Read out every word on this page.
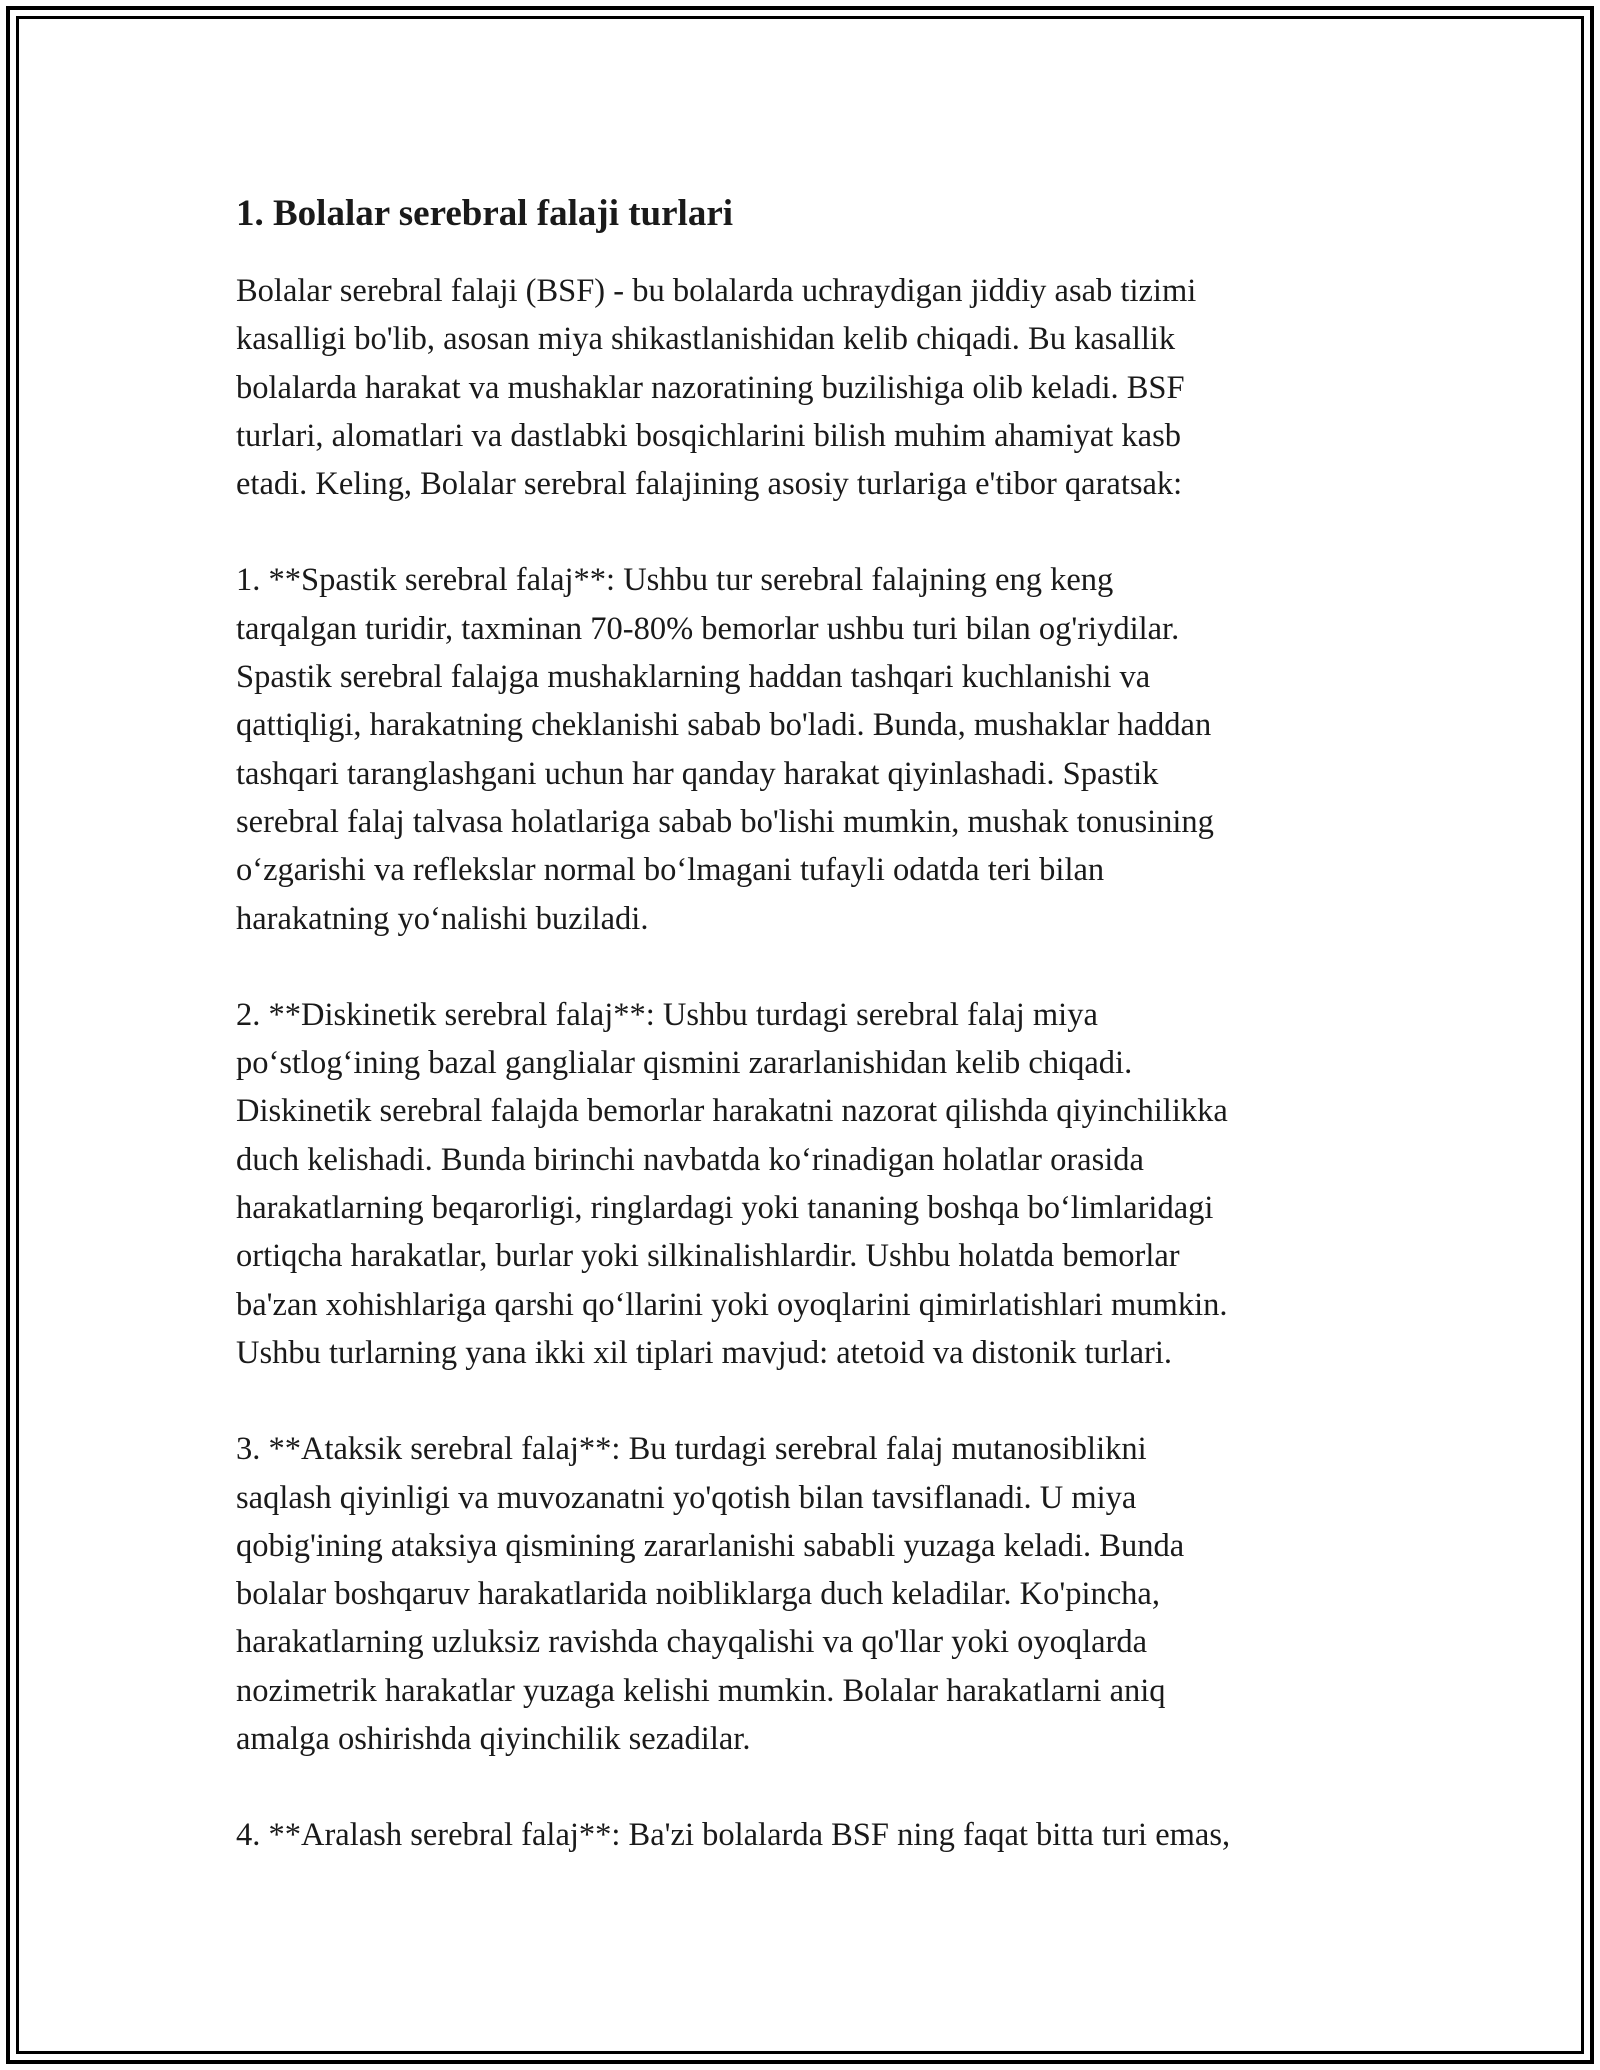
1. Bolalar serebral falaji turlari

Bolalar serebral falaji (BSF) - bu bolalarda uchraydigan jiddiy asab tizimi
kasalligi bo'lib, asosan miya shikastlanishidan kelib chiqadi. Bu kasallik
bolalarda harakat va mushaklar nazoratining buzilishiga olib keladi. BSF
turlari, alomatlari va dastlabki bosqichlarini bilish muhim ahamiyat kasb
etadi. Keling, Bolalar serebral falajining asosiy turlariga e'tibor qaratsak:

1. **Spastik serebral falaj**: Ushbu tur serebral falajning eng keng
tarqalgan turidir, taxminan 70-80% bemorlar ushbu turi bilan og'riydilar.
Spastik serebral falajga mushaklarning haddan tashqari kuchlanishi va
qattiqligi, harakatning cheklanishi sabab bo'ladi. Bunda, mushaklar haddan
tashqari taranglashgani uchun har qanday harakat qiyinlashadi. Spastik
serebral falaj talvasa holatlariga sabab bo'lishi mumkin, mushak tonusining
o‘zgarishi va reflekslar normal bo‘lmagani tufayli odatda teri bilan
harakatning yo‘nalishi buziladi.

2. **Diskinetik serebral falaj**: Ushbu turdagi serebral falaj miya
po‘stlog‘ining bazal ganglialar qismini zararlanishidan kelib chiqadi.
Diskinetik serebral falajda bemorlar harakatni nazorat qilishda qiyinchilikka
duch kelishadi. Bunda birinchi navbatda ko‘rinadigan holatlar orasida
harakatlarning beqarorligi, ringlardagi yoki tananing boshqa bo‘limlaridagi
ortiqcha harakatlar, burlar yoki silkinalishlardir. Ushbu holatda bemorlar
ba'zan xohishlariga qarshi qo‘llarini yoki oyoqlarini qimirlatishlari mumkin.
Ushbu turlarning yana ikki xil tiplari mavjud: atetoid va distonik turlari.

3. **Ataksik serebral falaj**: Bu turdagi serebral falaj mutanosiblikni
saqlash qiyinligi va muvozanatni yo'qotish bilan tavsiflanadi. U miya
qobig'ining ataksiya qismining zararlanishi sababli yuzaga keladi. Bunda
bolalar boshqaruv harakatlarida noibliklarga duch keladilar. Ko'pincha,
harakatlarning uzluksiz ravishda chayqalishi va qo'llar yoki oyoqlarda
nozimetrik harakatlar yuzaga kelishi mumkin. Bolalar harakatlarni aniq
amalga oshirishda qiyinchilik sezadilar.

4. **Aralash serebral falaj**: Ba'zi bolalarda BSF ning faqat bitta turi emas,
